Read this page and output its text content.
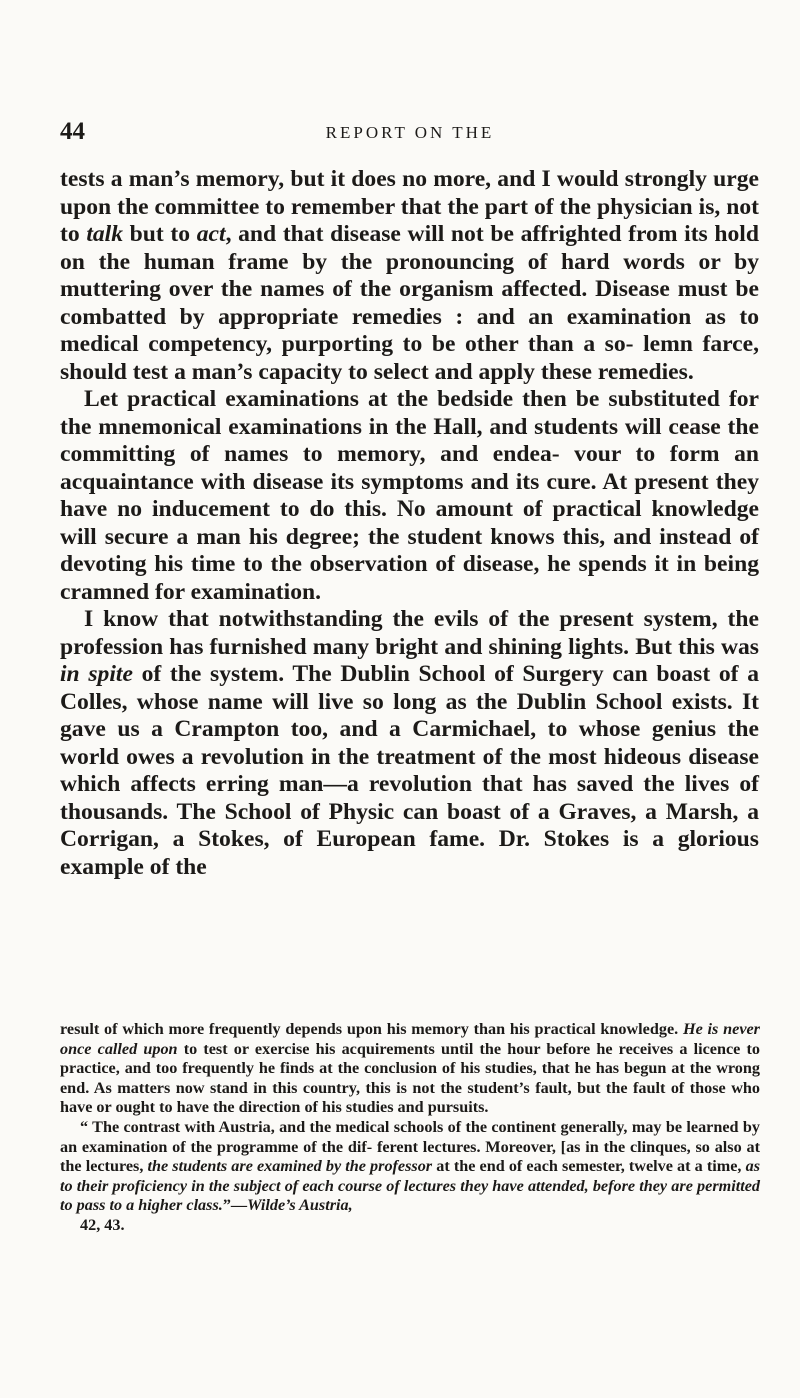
44	REPORT ON THE

tests a man’s memory, but it does no more, and I would strongly urge upon the committee to remember that the part of the physician is, not to talk but to act, and that disease will not be affrighted from its hold on the human frame by the pronouncing of hard words or by muttering over the names of the organism affected. Disease must be combatted by appropriate remedies : and an examination as to medical competency, purporting to be other than a so- lemn farce, should test a man’s capacity to select and apply these remedies.

Let practical examinations at the bedside then be substituted for the mnemonical examinations in the Hall, and students will cease the committing of names to memory, and endea- vour to form an acquaintance with disease its symptoms and its cure. At present they have no inducement to do this. No amount of practical knowledge will secure a man his degree; the student knows this, and instead of devoting his time to the observation of disease, he spends it in being cramned for examination.

I know that notwithstanding the evils of the present system, the profession has furnished many bright and shining lights. But this was in spite of the system. The Dublin School of Surgery can boast of a Colles, whose name will live so long as the Dublin School exists. It gave us a Crampton too, and a Carmichael, to whose genius the world owes a revolution in the treatment of the most hideous disease which affects erring man—a revolution that has saved the lives of thousands. The School of Physic can boast of a Graves, a Marsh, a Corrigan, a Stokes, of European fame. Dr. Stokes is a glorious example of the

result of which more frequently depends upon his memory than his practical knowledge. He is never once called upon to test or exercise his acquirements until the hour before he receives a licence to practice, and too frequently he finds at the conclusion of his studies, that he has begun at the wrong end. As matters now stand in this country, this is not the student’s fault, but the fault of those who have or ought to have the direction of his studies and pursuits.

“ The contrast with Austria, and the medical schools of the continent generally, may be learned by an examination of the programme of the dif- ferent lectures. Moreover, [as in the clinques, so also at the lectures, the students are examined by the professor at the end of each semester, twelve at a time, as to their proficiency in the subject of each course of lectures they have attended, before they are permitted to pass to a higher class.”—Wilde’s Austria,
42, 43.
